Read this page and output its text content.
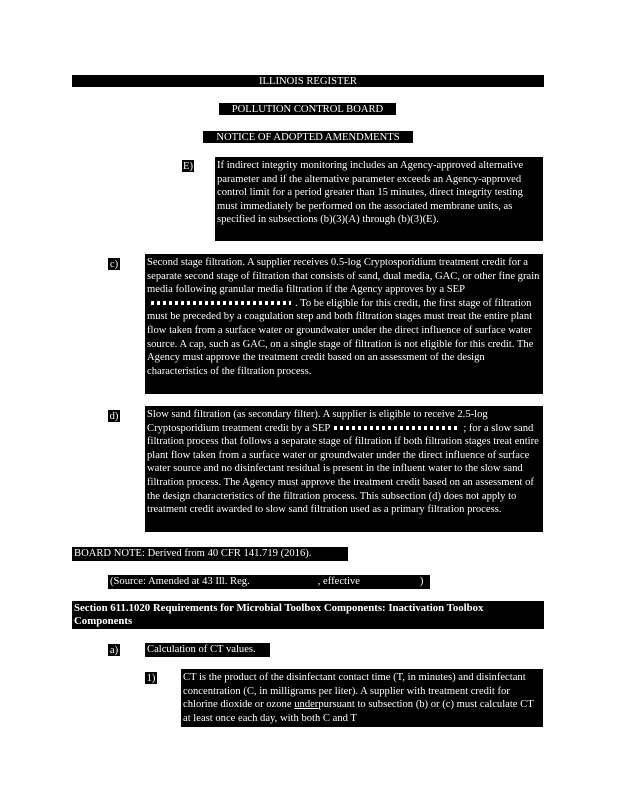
ILLINOIS REGISTER
POLLUTION CONTROL BOARD
NOTICE OF ADOPTED AMENDMENTS
E) If indirect integrity monitoring includes an Agency-approved alternative parameter and if the alternative parameter exceeds an Agency-approved control limit for a period greater than 15 minutes, direct integrity testing must immediately be performed on the associated membrane units, as specified in subsections (b)(3)(A) through (b)(3)(E).
c)	Second stage filtration. A supplier receives 0.5-log Cryptosporidium treatment credit for a separate second stage of filtration that consists of sand, dual media, GAC, or other fine grain media following granular media filtration if the Agency approves by a SEP. To be eligible for this credit, the first stage of filtration must be preceded by a coagulation step and both filtration stages must treat the entire plant flow taken from a surface water or groundwater under the direct influence of surface water source. A cap, such as GAC, on a single stage of filtration is not eligible for this credit. The Agency must approve the treatment credit based on an assessment of the design characteristics of the filtration process.
d)	Slow sand filtration (as secondary filter). A supplier is eligible to receive 2.5-log Cryptosporidium treatment credit by a SEP	; for a slow sand filtration process that follows a separate stage of filtration if both filtration stages treat entire plant flow taken from a surface water or groundwater under the direct influence of surface water source and no disinfectant residual is present in the influent water to the slow sand filtration process. The Agency must approve the treatment credit based on an assessment of the design characteristics of the filtration process. This subsection (d) does not apply to treatment credit awarded to slow sand filtration used as a primary filtration process.
BOARD NOTE: Derived from 40 CFR 141.719 (2016).
(Source: Amended at 43 Ill. Reg.	, effective	)
Section 611.1020 Requirements for Microbial Toolbox Components: Inactivation Toolbox Components
a)	Calculation of CT values.
1)	CT is the product of the disinfectant contact time (T, in minutes) and disinfectant concentration (C, in milligrams per liter). A supplier with treatment credit for chlorine dioxide or ozone underpursuant to subsection (b) or (c) must calculate CT at least once each day, with both C and T
